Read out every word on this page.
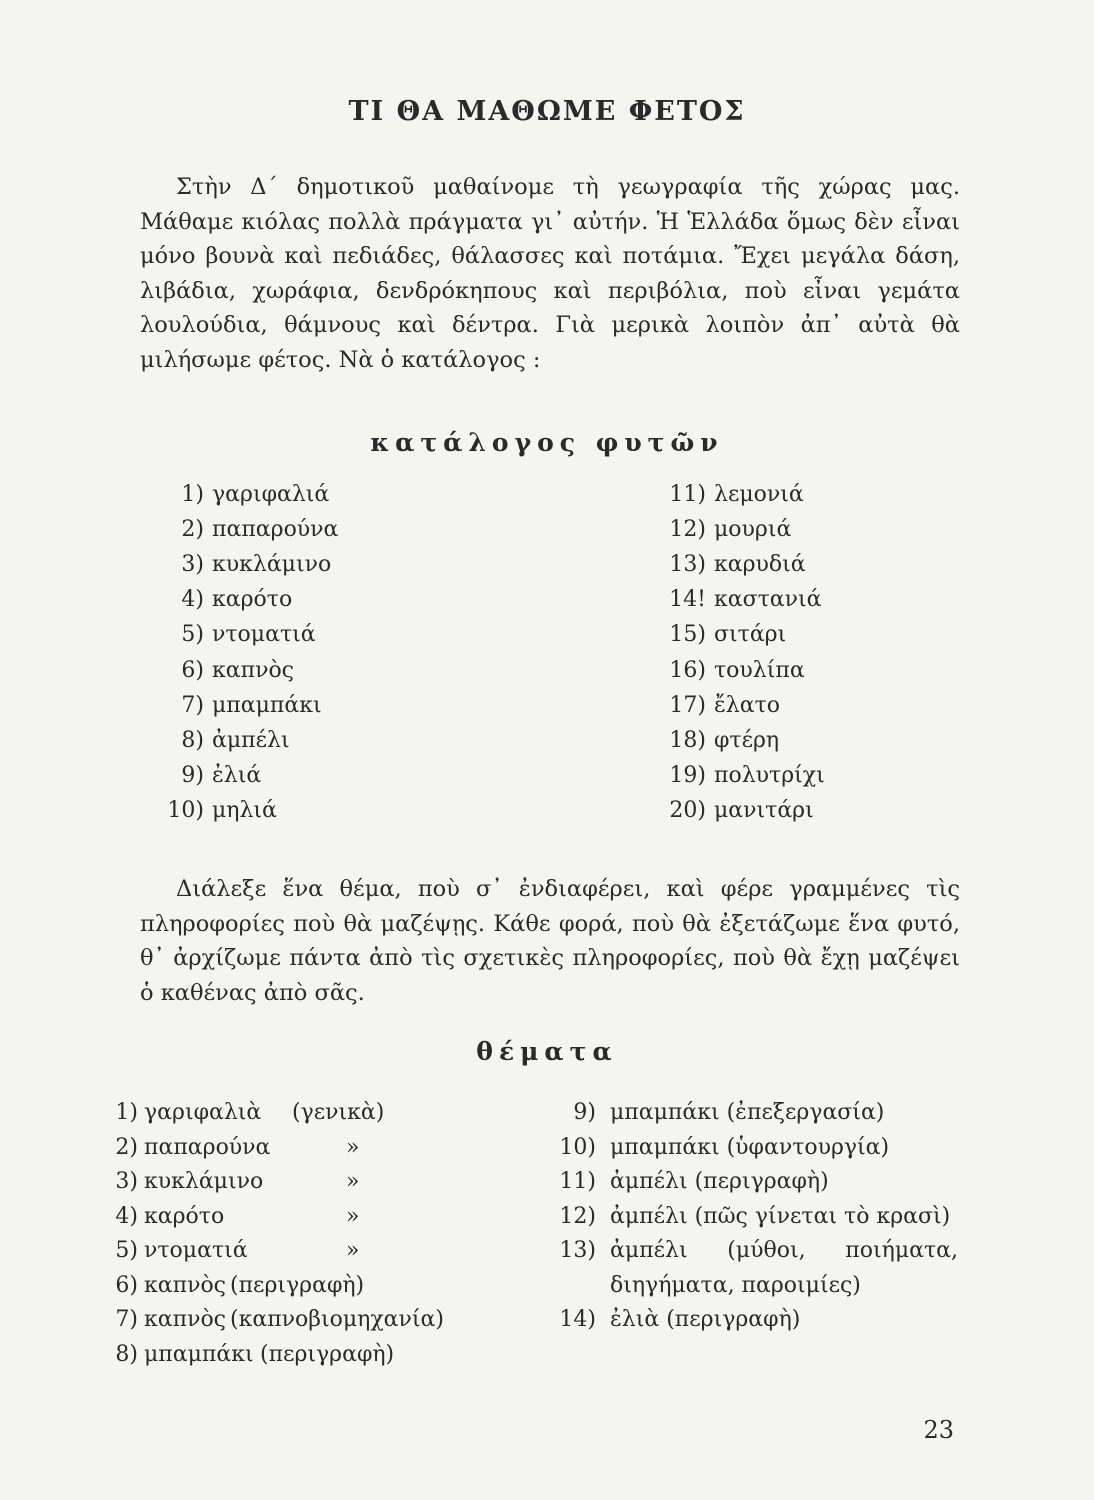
ΤΙ ΘΑ ΜΑΘΩΜΕ ΦΕΤΟΣ

Στὴν Δ΄ δημοτικοῦ μαθαίνομε τὴ γεωγραφία τῆς χώρας μας. Μάθαμε κιόλας πολλὰ πράγματα γι᾽ αὐτήν. Ἡ Ἑλλάδα ὅμως δὲν εἶναι μόνο βουνὰ καὶ πεδιάδες, θάλασσες καὶ ποτάμια. Ἔχει μεγάλα δάση, λιβάδια, χωράφια, δενδρόκηπους καὶ περιβόλια, ποὺ εἶναι γεμάτα λουλούδια, θάμνους καὶ δέντρα. Γιὰ μερικὰ λοιπὸν ἀπ᾽ αὐτὰ θὰ μιλήσωμε φέτος. Νὰ ὁ κατάλογος :

κατάλογος φυτῶν
1) γαριφαλιά
2) παπαρούνα
3) κυκλάμινο
4) καρότο
5) ντοματιά
6) καπνὸς
7) μπαμπάκι
8) ἀμπέλι
9) ἐλιά
10) μηλιά
11) λεμονιά
12) μουριά
13) καρυδιά
14! καστανιά
15) σιτάρι
16) τουλίπα
17) ἔλατο
18) φτέρη
19) πολυτρίχι
20) μανιτάρι

Διάλεξε ἕνα θέμα, ποὺ σ᾽ ἐνδιαφέρει, καὶ φέρε γραμμένες τὶς πληροφορίες ποὺ θὰ μαζέψῃς. Κάθε φορά, ποὺ θὰ ἐξετάζωμε ἕνα φυτό, θ᾽ ἀρχίζωμε πάντα ἀπὸ τὶς σχετικὲς πληροφορίες, ποὺ θὰ ἔχῃ μαζέψει ὁ καθένας ἀπὸ σᾶς.

θέματα
1) γαριφαλιὰ (γενικὰ)
2) παπαρούνα	»
3) κυκλάμινο	»
4) καρότο	»
5) ντοματιά	»
6) καπνὸς (περιγραφὴ)
7) καπνὸς (καπνοβιομηχανία)
8) μπαμπάκι (περιγραφὴ)
9) μπαμπάκι (ἐπεξεργασία)
10) μπαμπάκι (ὑφαντουργία)
11) ἀμπέλι (περιγραφὴ)
12) ἀμπέλι (πῶς γίνεται τὸ κρασὶ)
13) ἀμπέλι (μύθοι, ποιήματα, διηγήματα, παροιμίες)
14) ἐλιὰ (περιγραφὴ)
23
